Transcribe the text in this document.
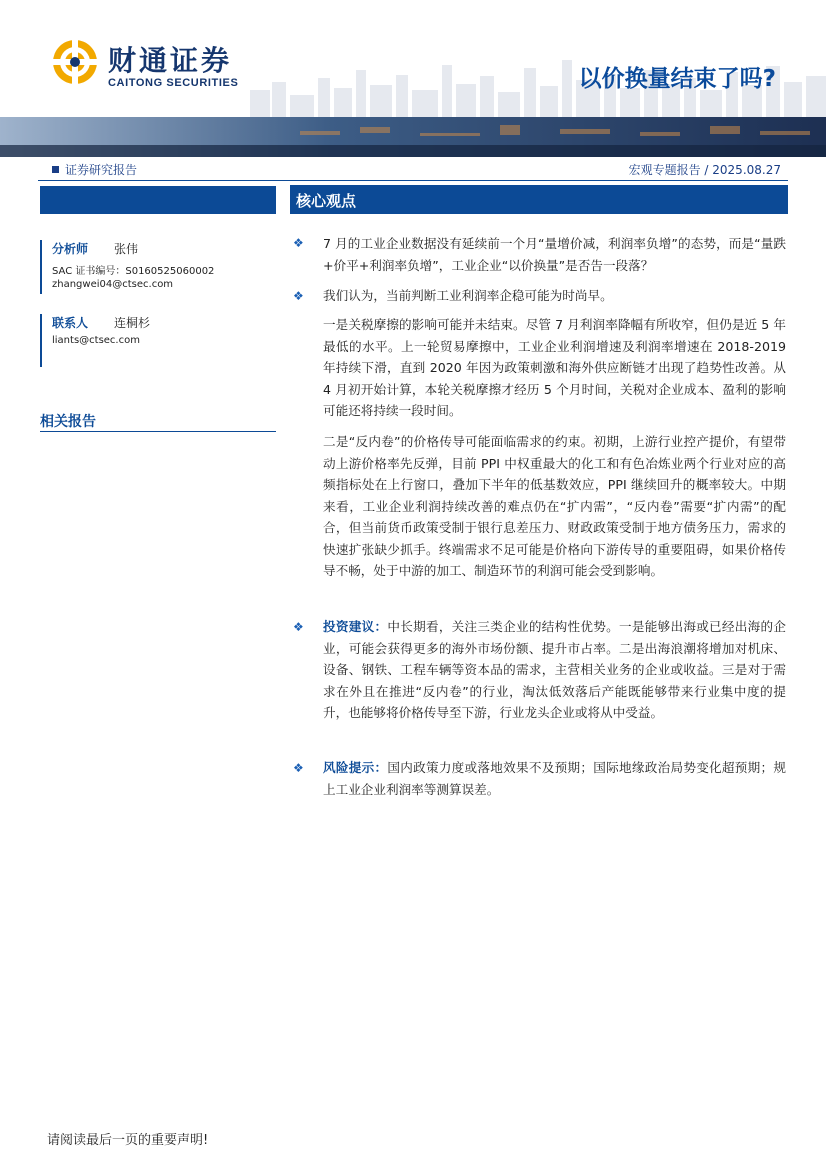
财通证券
CAITONG SECURITIES	以价换量结束了吗?
证券研究报告	宏观专题报告 / 2025.08.27
分析师 张伟
SAC 证书编号：S0160525060002
zhangwei04@ctsec.com
联系人 连桐杉
liants@ctsec.com
相关报告
核心观点
❖ 7 月的工业企业数据没有延续前一个月“量增价减，利润率负增”的态势，而是“量跌+价平+利润率负增”，工业企业“以价换量”是否告一段落？

❖ 我们认为，当前判断工业利润率企稳可能为时尚早。

一是关税摩擦的影响可能并未结束。尽管 7 月利润率降幅有所收窄，但仍是近 5 年最低的水平。上一轮贸易摩擦中，工业企业利润增速及利润率增速在 2018-2019 年持续下滑，直到 2020 年因为政策刺激和海外供应断链才出现了趋势性改善。从 4 月初开始计算，本轮关税摩擦才经历 5 个月时间，关税对企业成本、盈利的影响可能还将持续一段时间。

二是“反内卷”的价格传导可能面临需求的约束。初期，上游行业控产提价，有望带动上游价格率先反弹，目前 PPI 中权重最大的化工和有色冶炼业两个行业对应的高频指标处在上行窗口，叠加下半年的低基数效应，PPI 继续回升的概率较大。中期来看，工业企业利润持续改善的难点仍在“扩内需”，“反内卷”需要“扩内需”的配合，但当前货币政策受制于银行息差压力、财政政策受制于地方债务压力，需求的快速扩张缺少抓手。终端需求不足可能是价格向下游传导的重要阻碍，如果价格传导不畅，处于中游的加工、制造环节的利润可能会受到影响。

❖ 投资建议：中长期看，关注三类企业的结构性优势。一是能够出海或已经出海的企业，可能会获得更多的海外市场份额、提升市占率。二是出海浪潮将增加对机床、设备、钢铁、工程车辆等资本品的需求，主营相关业务的企业或收益。三是对于需求在外且在推进“反内卷”的行业，淘汰低效落后产能既能够带来行业集中度的提升，也能够将价格传导至下游，行业龙头企业或将从中受益。

❖ 风险提示：国内政策力度或落地效果不及预期；国际地缘政治局势变化超预期；规上工业企业利润率等测算误差。

请阅读最后一页的重要声明!
